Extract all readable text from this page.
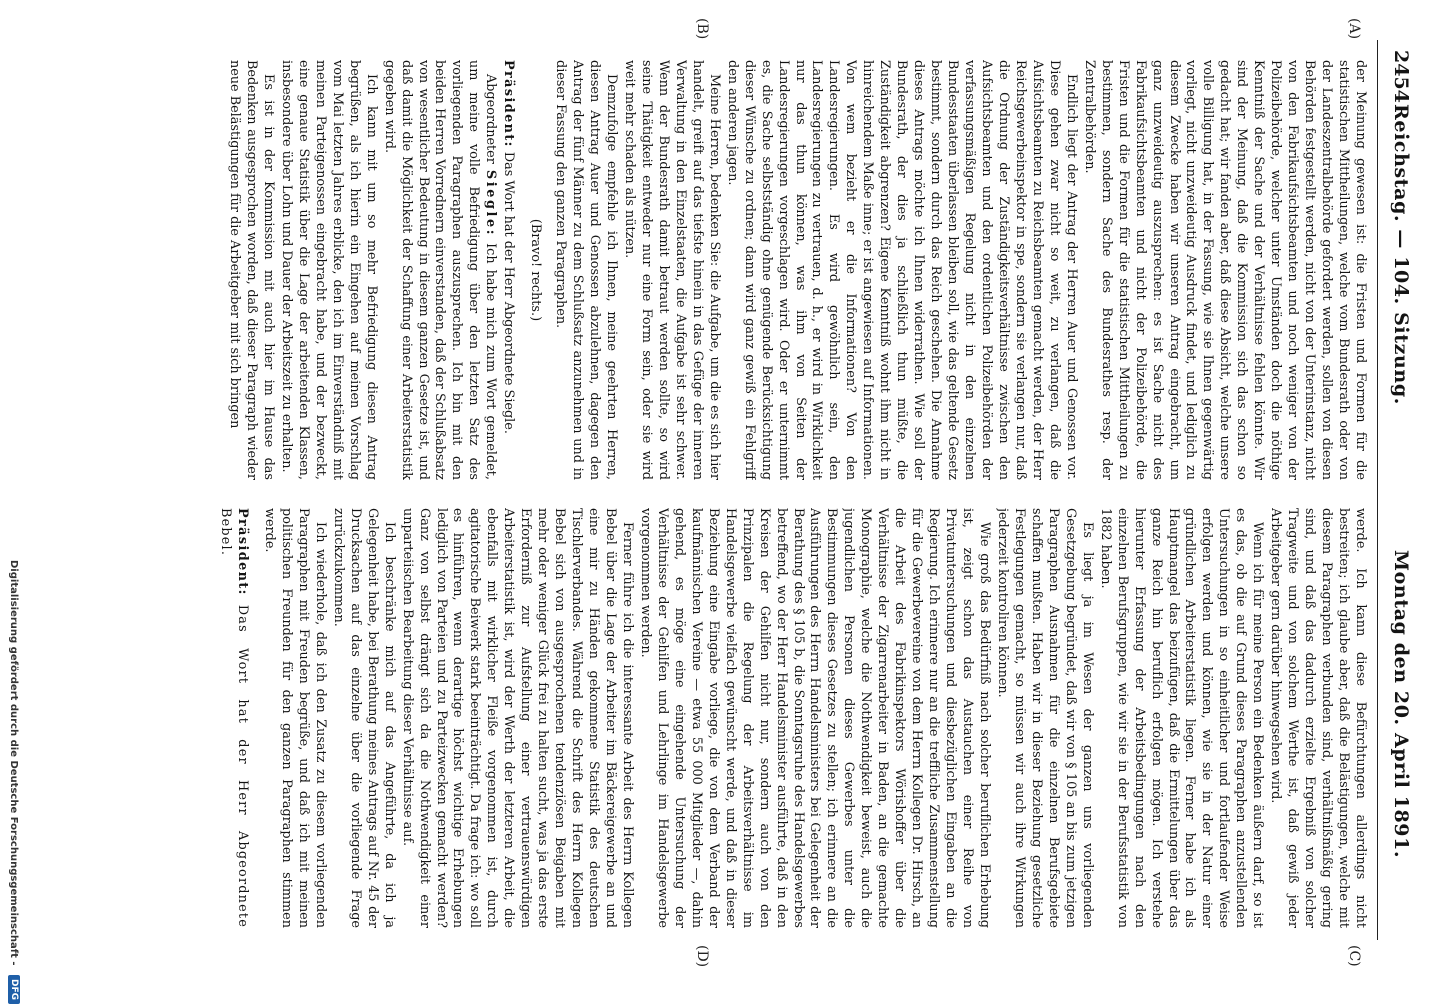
2454
Reichstag. — 104. Sitzung.
Montag den 20. April 1891.
(A)
(B)
(C)
(D)

der Meinung gewesen ist: die Fristen und Formen für die statistischen Mittheilungen, welche vom Bundesrath oder von der Landeszentralbehörde gefordert werden, sollen von diesen Behörden festgestellt werden, nicht von der Unterinstanz, nicht von den Fabrikaufsichtsbeamten und noch weniger von der Polizeibehörde, welcher unter Umständen doch die nöthige Kenntniß der Sache und der Verhältnisse fehlen könnte. Wir sind der Meinung, daß die Kommission sich das schon so gedacht hat; wir fanden aber, daß diese Absicht, welche unsere volle Billigung hat, in der Fassung, wie sie Ihnen gegenwärtig vorliegt, nicht unzweideutig Ausdruck findet, und lediglich zu diesem Zwecke haben wir unseren Antrag eingebracht, um ganz unzweideutig auszusprechen: es ist Sache nicht des Fabrikaufsichtsbeamten und nicht der Polizeibehörde, die Fristen und die Formen für die statistischen Mittheilungen zu bestimmen, sondern Sache des Bundesrathes resp. der Zentralbehörden.

Endlich liegt der Antrag der Herren Auer und Genossen vor. Diese gehen zwar nicht so weit, zu verlangen, daß die Aufsichtsbeamten zu Reichsbeamten gemacht werden, der Herr Reichsgewerbeinspektor in spe, sondern sie verlangen nur, daß die Ordnung der Zuständigkeitsverhältnisse zwischen den Aufsichtsbeamten und den ordentlichen Polizeibehörden der verfassungsmäßigen Regelung nicht in den einzelnen Bundesstaaten überlassen bleiben soll, wie das geltende Gesetz bestimmt, sondern durch das Reich geschehen. Die Annahme dieses Antrags möchte ich Ihnen widerrathen. Wie soll der Bundesrath, der dies ja schließlich thun müßte, die Zuständigkeit abgrenzen? Eigene Kenntniß wohnt ihm nicht in hinreichendem Maße inne; er ist angewiesen auf Informationen. Von wem bezieht er die Informationen? Von den Landesregierungen. Es wird gewöhnlich sein, den Landesregierungen zu vertrauen, d. h., er wird in Wirklichkeit nur das thun können, was ihm von Seiten der Landesregierungen vorgeschlagen wird. Oder er unternimmt es, die Sache selbstständig ohne genügende Berücksichtigung dieser Wünsche zu ordnen; dann wird ganz gewiß ein Fehlgriff den anderen jagen.

Meine Herren, bedenken Sie: die Aufgabe, um die es sich hier handelt, greift auf das tiefste hinein in das Gefüge der inneren Verwaltung in den Einzelstaaten, die Aufgabe ist sehr schwer. Wenn der Bundesrath damit betraut werden sollte, so wird seine Thätigkeit entweder nur eine Form sein, oder sie wird weit mehr schaden als nützen.

Demzufolge empfehle ich Ihnen, meine geehrten Herren, diesen Antrag Auer und Genossen abzulehnen, dagegen den Antrag der fünf Männer zu dem Schlußsatz anzunehmen und in dieser Fassung den ganzen Paragraphen.

(Bravo! rechts.)

Präsident: Das Wort hat der Herr Abgeordnete Siegle.

Abgeordneter Siegle: Ich habe mich zum Wort gemeldet, um meine volle Befriedigung über den letzten Satz des vorliegenden Paragraphen auszusprechen. Ich bin mit den beiden Herren Vorrednern einverstanden, daß der Schlußabsatz von wesentlicher Bedeutung in diesem ganzen Gesetze ist, und daß damit die Möglichkeit der Schaffung einer Arbeiterstatistik gegeben wird.

Ich kann mit um so mehr Befriedigung diesen Antrag begrüßen, als ich hierin ein Eingehen auf meinen Vorschlag vom Mai letzten Jahres erblicke, den ich im Einverständniß mit meinen Parteigenossen eingebracht habe, und der bezweckt, eine genaue Statistik über die Lage der arbeitenden Klassen, insbesondere über Lohn und Dauer der Arbeitszeit zu erhalten.

Es ist in der Kommission mit auch hier im Hause das Bedenken ausgesprochen worden, daß dieser Paragraph wieder neue Belästigungen für die Arbeitgeber mit sich bringen

werde. Ich kann diese Befürchtungen allerdings nicht bestreiten; ich glaube aber, daß die Belästigungen, welche mit diesem Paragraphen verbunden sind, verhältnißmäßig gering sind, und daß das dadurch erzielte Ergebniß von solcher Tragweite und von solchem Werthe ist, daß gewiß jeder Arbeitgeber gern darüber hinwegsehen wird.

Wenn ich für meine Person ein Bedenken äußern darf, so ist es das, ob die auf Grund dieses Paragraphen anzustellenden Untersuchungen in so einheitlicher und fortlaufender Weise erfolgen werden und können, wie sie in der Natur einer gründlichen Arbeiterstatistik liegen. Ferner habe ich als Hauptmangel das beizufügen, daß die Ermittelungen über das ganze Reich hin beruflich erfolgen mögen. Ich verstehe hierunter Erfassung der Arbeitsbedingungen nach den einzelnen Berufsgruppen, wie wir sie in der Berufsstatistik von 1882 haben.

Es liegt ja im Wesen der ganzen uns vorliegenden Gesetzgebung begründet, daß wir von § 105 an bis zum jetzigen Paragraphen Ausnahmen für die einzelnen Berufsgebiete schaffen mußten. Haben wir in dieser Beziehung gesetzliche Festlegungen gemacht, so müssen wir auch ihre Wirkungen jederzeit kontroliren können.

Wie groß das Bedürfniß nach solcher beruflichen Erhebung ist, zeigt schon das Austauchen einer Reihe von Privatuntersuchungen und diesbezüglichen Eingaben an die Regierung. Ich erinnere nur an die treffliche Zusammenstellung für die Gewerbevereine von dem Herrn Kollegen Dr. Hirsch, an die Arbeit des Fabrikinspektors Wörishoffer über die Verhältnisse der Zigarrenarbeiter in Baden, an die gemachte Monographie, welche die Nothwendigkeit beweist, auch die jugendlichen Personen dieses Gewerbes unter die Bestimmungen dieses Gesetzes zu stellen; ich erinnere an die Ausführungen des Herrn Handelsministers bei Gelegenheit der Berathung des § 105 b, die Sonntagsruhe des Handelsgewerbes betreffend, wo der Herr Handelsminister ausführte, daß in den Kreisen der Gehilfen nicht nur, sondern auch von den Prinzipalen die Regelung der Arbeitsverhältnisse im Handelsgewerbe vielfach gewünscht werde, und daß in dieser Beziehung eine Eingabe vorliege, die von dem Verband der kaufmännischen Vereine — etwa 55 000 Mitglieder —, dahin gehend, es möge eine eingehende Untersuchung der Verhältnisse der Gehilfen und Lehrlinge im Handelsgewerbe vorgenommen werden.

Ferner führe ich die interessante Arbeit des Herrn Kollegen Bebel über die Lage der Arbeiter im Bäckereigewerbe an und eine mir zu Händen gekommene Statistik des deutschen Tischlerverbandes. Während die Schrift des Herrn Kollegen Bebel sich von ausgesprochenen tendenziösen Beigaben mit mehr oder weniger Glück frei zu halten sucht, was ja das erste Erforderniß zur Aufstellung einer vertrauenswürdigen Arbeiterstatistik ist, wird der Werth der letzteren Arbeit, die ebenfalls mit wirklicher Fleiße vorgenommen ist, durch agitatorische Beiwerk stark beeinträchtigt. Da frage ich: wo soll es hinführen, wenn derartige höchst wichtige Erhebungen lediglich von Parteien und zu Parteizwecken gemacht werden? Ganz von selbst drängt sich da die Nothwendigkeit einer unparteiischen Bearbeitung dieser Verhältnisse auf.

Ich beschränke mich auf das Angeführte, da ich ja Gelegenheit habe, bei Berathung meines Antrags auf Nr. 45 der Drucksachen auf das einzelne über die vorliegende Frage zurückzukommen.

Ich wiederhole, daß ich den Zusatz zu diesem vorliegenden Paragraphen mit Freuden begrüße, und daß ich mit meinen politischen Freunden für den ganzen Paragraphen stimmen werde.

Präsident: Das Wort hat der Herr Abgeordnete Bebel.

Digitalisierung gefördert durch die Deutsche Forschungsgemeinschaft - DFG
